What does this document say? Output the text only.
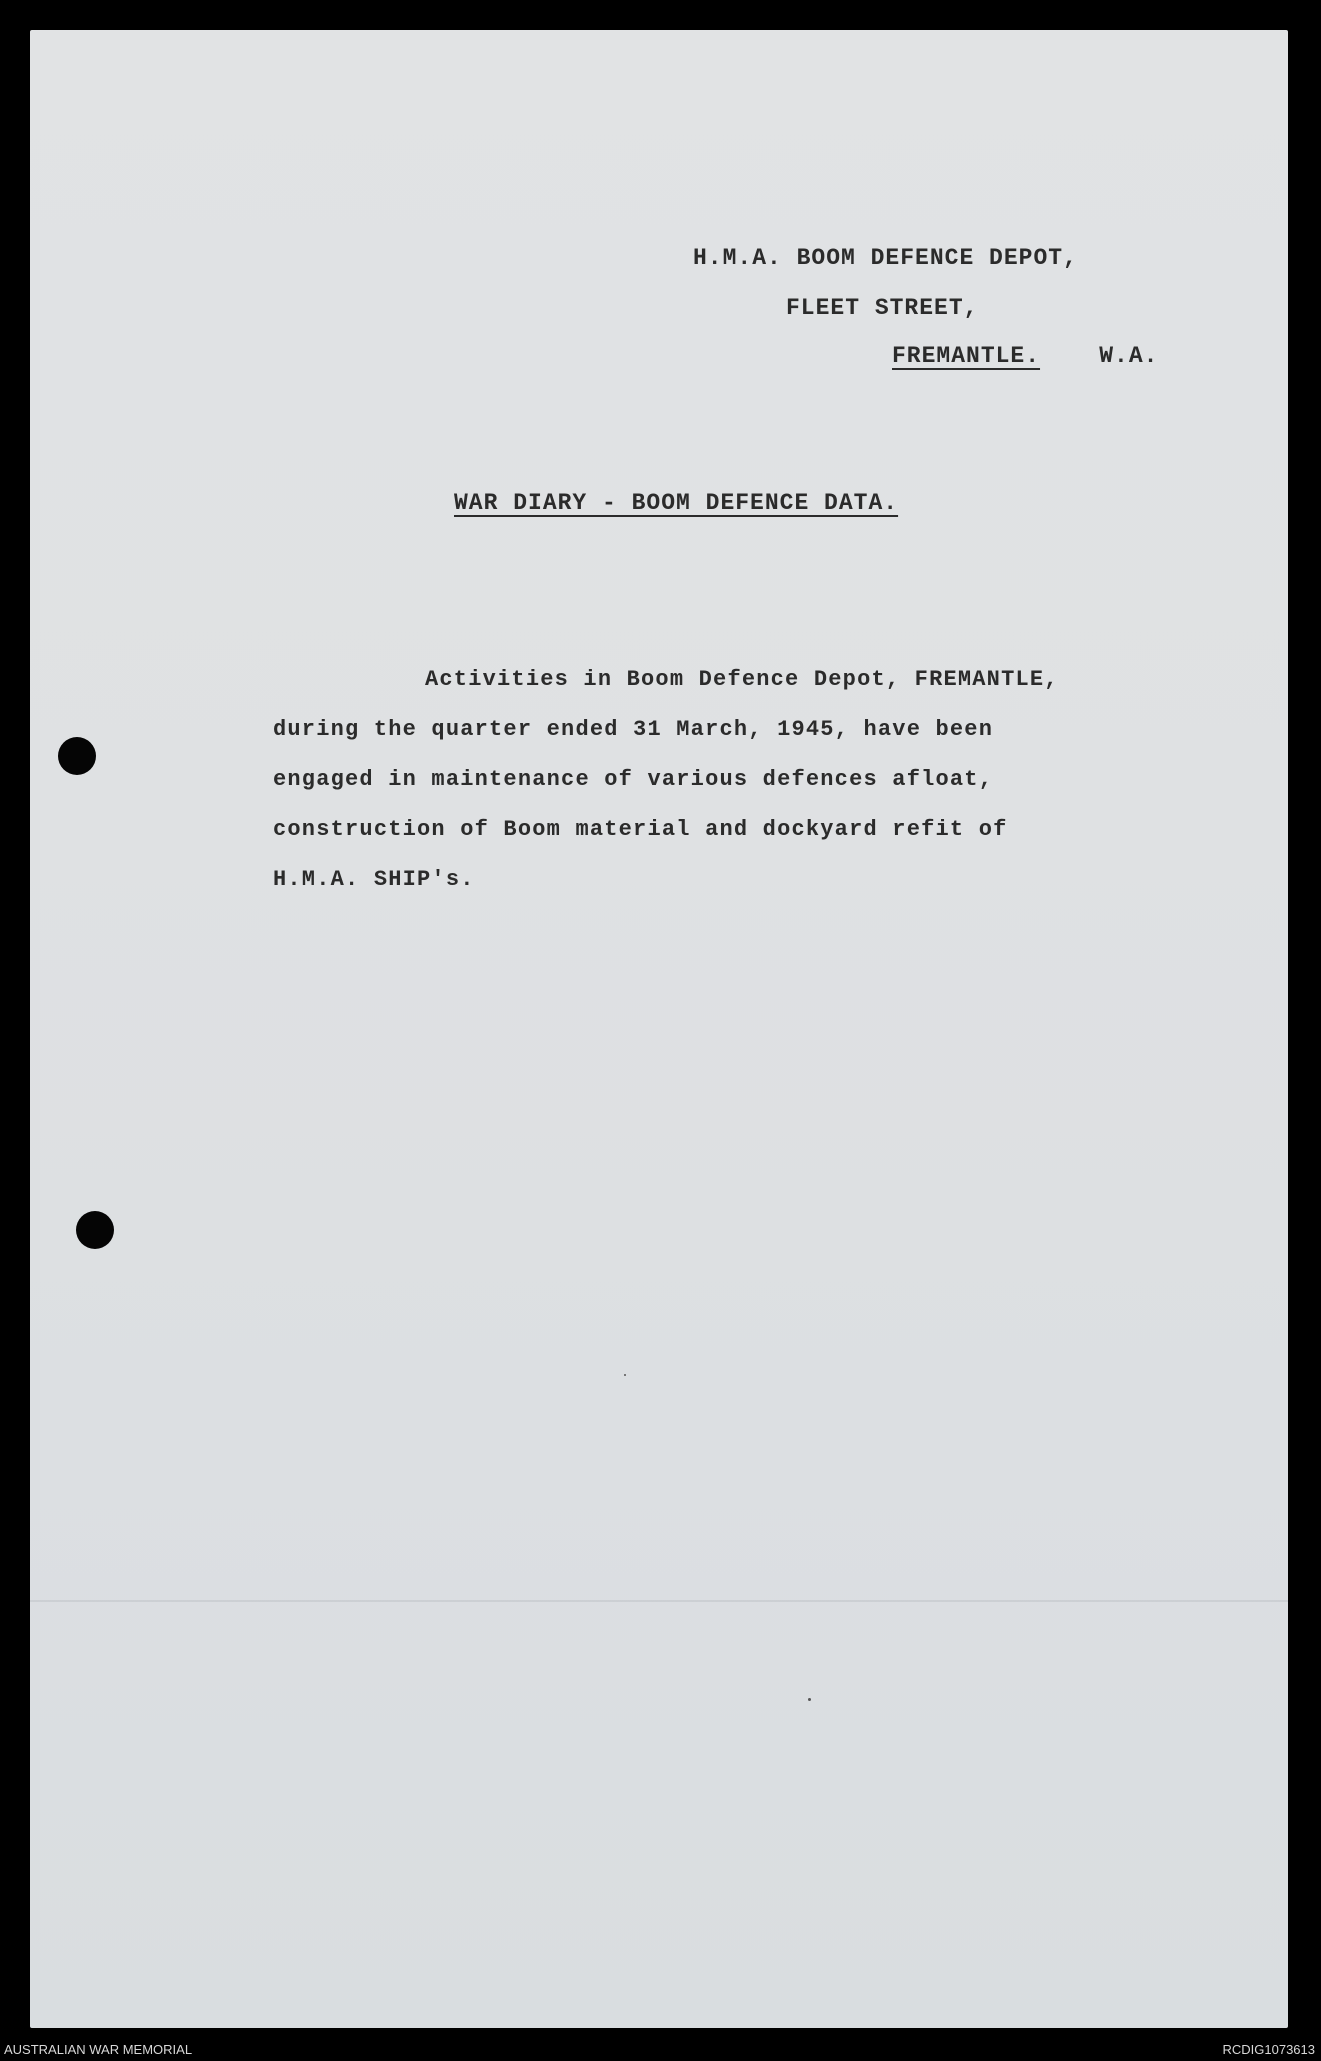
H.M.A. BOOM DEFENCE DEPOT,
FLEET STREET,
FREMANTLE.	W.A.
WAR DIARY - BOOM DEFENCE DATA.
Activities in Boom Defence Depot, FREMANTLE,
during the quarter ended 31 March, 1945, have been
engaged in maintenance of various defences afloat,
construction of Boom material and dockyard refit of
H.M.A. SHIP's.
AUSTRALIAN WAR MEMORIAL	RCDIG1073613
